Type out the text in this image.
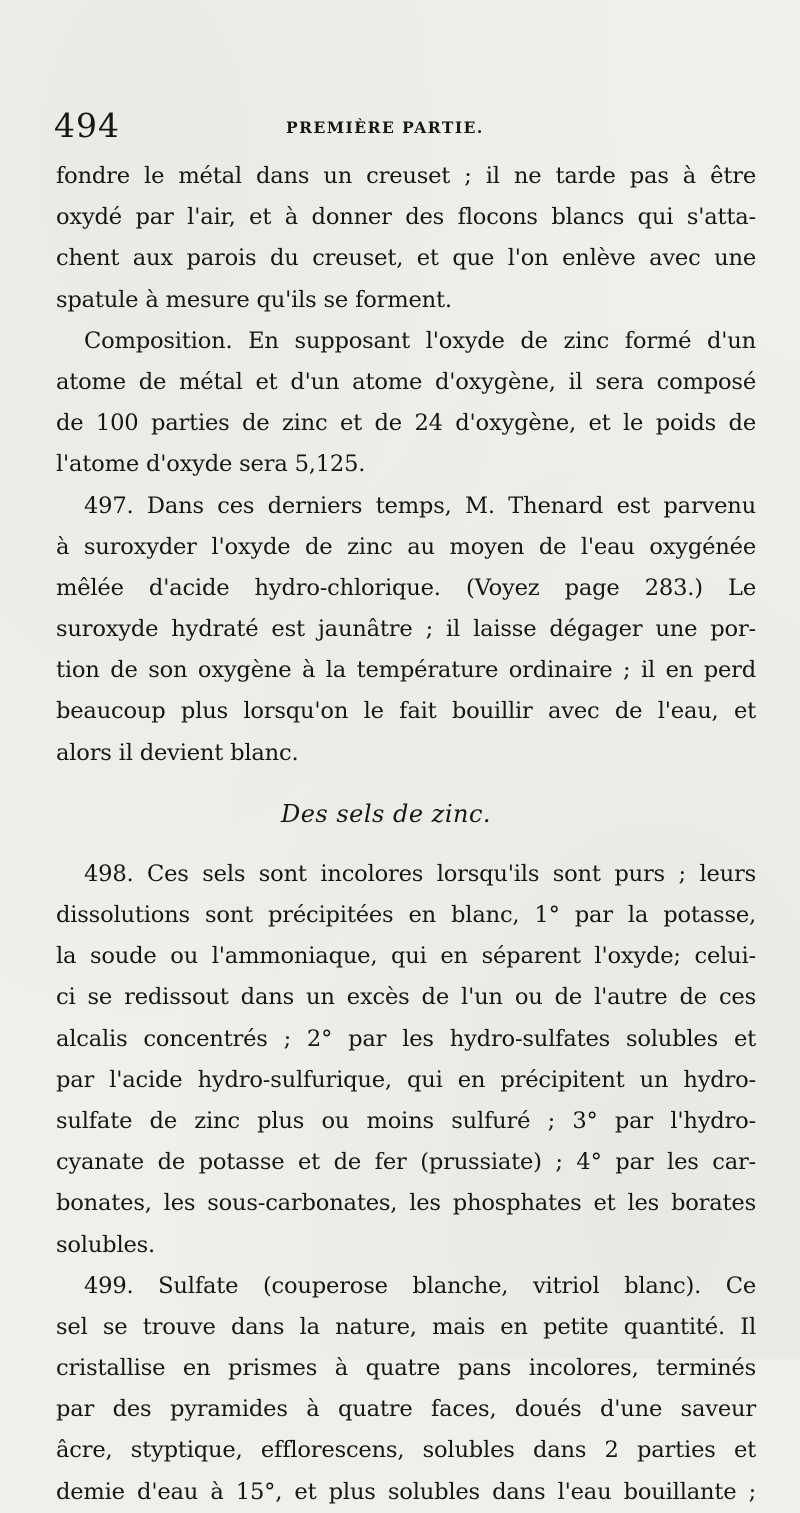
494	PREMIÈRE PARTIE.
fondre le métal dans un creuset ; il ne tarde pas à être
oxydé par l'air, et à donner des flocons blancs qui s'atta-
chent aux parois du creuset, et que l'on enlève avec une
spatule à mesure qu'ils se forment.
Composition. En supposant l'oxyde de zinc formé d'un
atome de métal et d'un atome d'oxygène, il sera composé
de 100 parties de zinc et de 24 d'oxygène, et le poids de
l'atome d'oxyde sera 5,125.
497. Dans ces derniers temps, M. Thenard est parvenu
à suroxyder l'oxyde de zinc au moyen de l'eau oxygénée
mêlée d'acide hydro-chlorique. (Voyez page 283.) Le
suroxyde hydraté est jaunâtre ; il laisse dégager une por-
tion de son oxygène à la température ordinaire ; il en perd
beaucoup plus lorsqu'on le fait bouillir avec de l'eau, et
alors il devient blanc.
Des sels de zinc.
498. Ces sels sont incolores lorsqu'ils sont purs ; leurs
dissolutions sont précipitées en blanc, 1° par la potasse,
la soude ou l'ammoniaque, qui en séparent l'oxyde; celui-
ci se redissout dans un excès de l'un ou de l'autre de ces
alcalis concentrés ; 2° par les hydro-sulfates solubles et
par l'acide hydro-sulfurique, qui en précipitent un hydro-
sulfate de zinc plus ou moins sulfuré ; 3° par l'hydro-
cyanate de potasse et de fer (prussiate) ; 4° par les car-
bonates, les sous-carbonates, les phosphates et les borates
solubles.
499. Sulfate (couperose blanche, vitriol blanc). Ce
sel se trouve dans la nature, mais en petite quantité. Il
cristallise en prismes à quatre pans incolores, terminés
par des pyramides à quatre faces, doués d'une saveur
âcre, styptique, efflorescens, solubles dans 2 parties et
demie d'eau à 15°, et plus solubles dans l'eau bouillante ;
